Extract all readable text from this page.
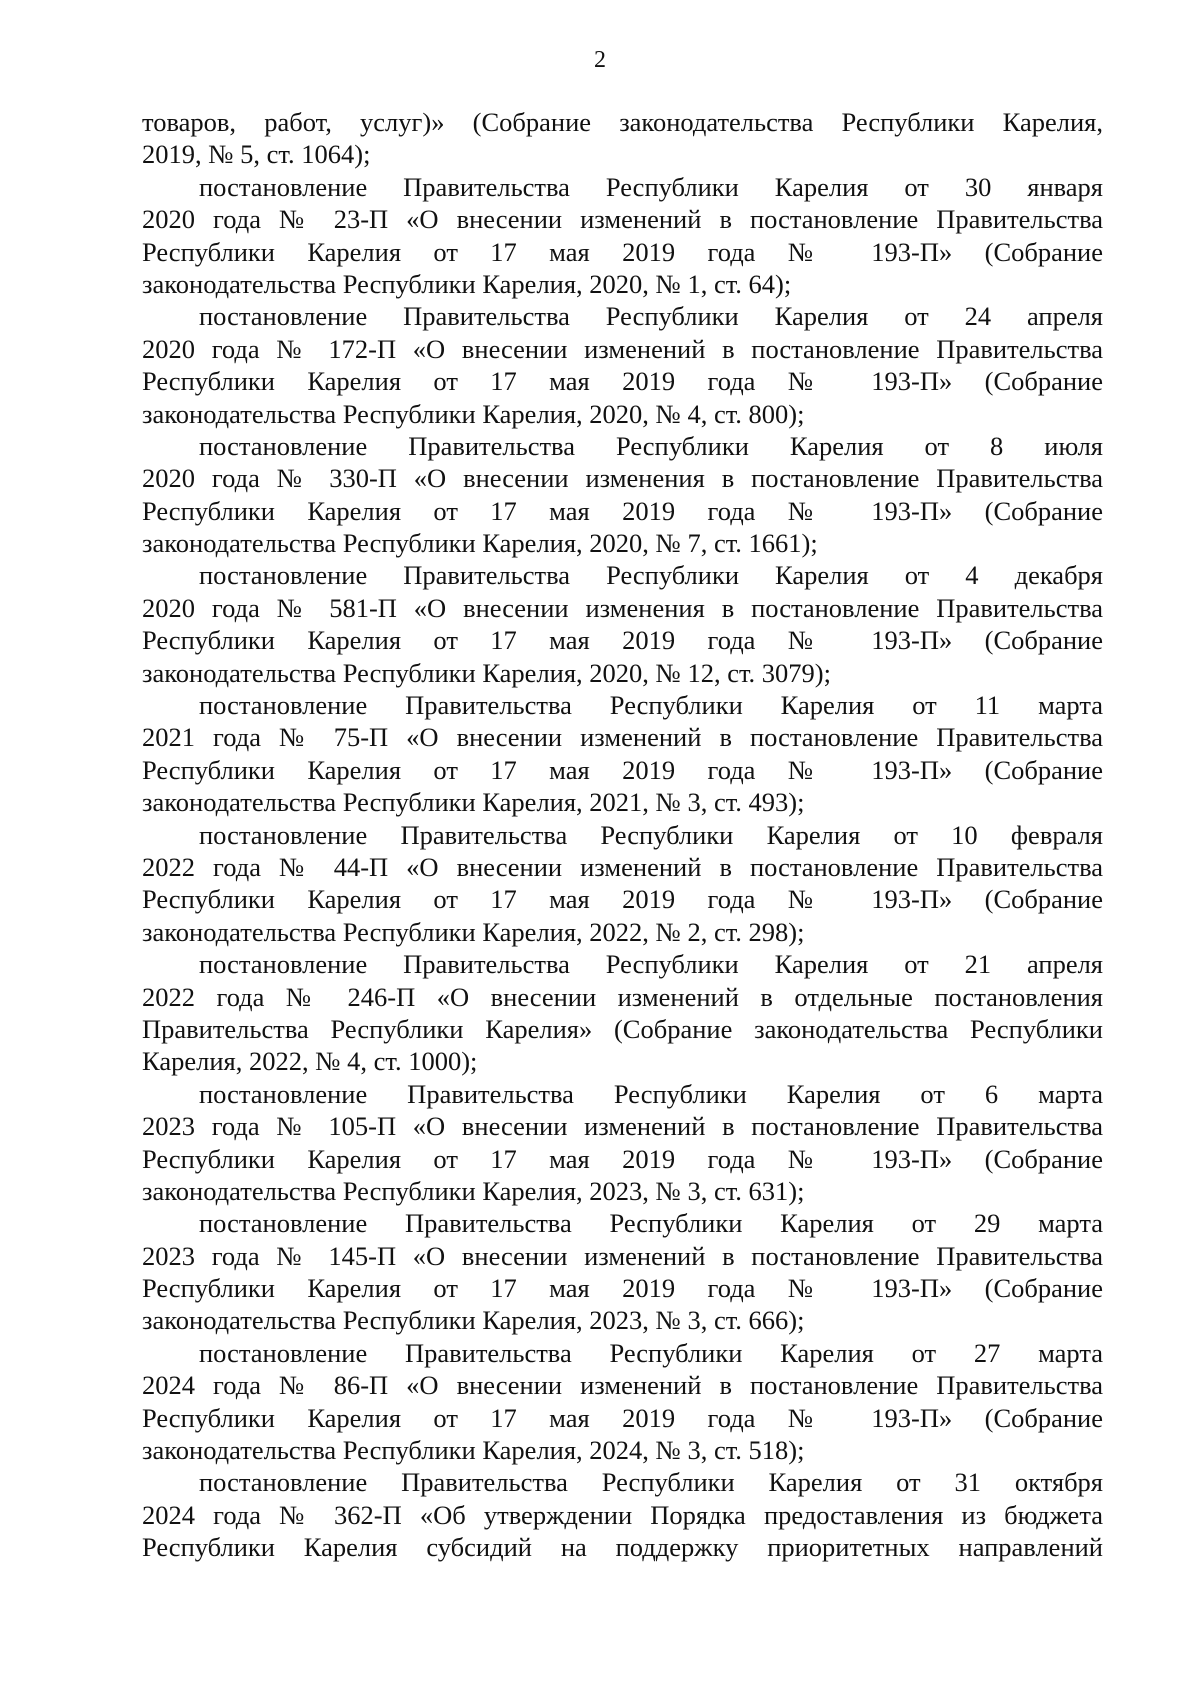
2
товаров, работ, услуг)» (Собрание законодательства Республики Карелия,
2019, № 5, ст. 1064);
постановление Правительства Республики Карелия от 30 января
2020 года № 23-П «О внесении изменений в постановление Правительства
Республики Карелия от 17 мая 2019 года № 193-П» (Собрание
законодательства Республики Карелия, 2020, № 1, ст. 64);
постановление Правительства Республики Карелия от 24 апреля
2020 года № 172-П «О внесении изменений в постановление Правительства
Республики Карелия от 17 мая 2019 года № 193-П» (Собрание
законодательства Республики Карелия, 2020, № 4, ст. 800);
постановление Правительства Республики Карелия от 8 июля
2020 года № 330-П «О внесении изменения в постановление Правительства
Республики Карелия от 17 мая 2019 года № 193-П» (Собрание
законодательства Республики Карелия, 2020, № 7, ст. 1661);
постановление Правительства Республики Карелия от 4 декабря
2020 года № 581-П «О внесении изменения в постановление Правительства
Республики Карелия от 17 мая 2019 года № 193-П» (Собрание
законодательства Республики Карелия, 2020, № 12, ст. 3079);
постановление Правительства Республики Карелия от 11 марта
2021 года № 75-П «О внесении изменений в постановление Правительства
Республики Карелия от 17 мая 2019 года № 193-П» (Собрание
законодательства Республики Карелия, 2021, № 3, ст. 493);
постановление Правительства Республики Карелия от 10 февраля
2022 года № 44-П «О внесении изменений в постановление Правительства
Республики Карелия от 17 мая 2019 года № 193-П» (Собрание
законодательства Республики Карелия, 2022, № 2, ст. 298);
постановление Правительства Республики Карелия от 21 апреля
2022 года № 246-П «О внесении изменений в отдельные постановления
Правительства Республики Карелия» (Собрание законодательства Республики
Карелия, 2022, № 4, ст. 1000);
постановление Правительства Республики Карелия от 6 марта
2023 года № 105-П «О внесении изменений в постановление Правительства
Республики Карелия от 17 мая 2019 года № 193-П» (Собрание
законодательства Республики Карелия, 2023, № 3, ст. 631);
постановление Правительства Республики Карелия от 29 марта
2023 года № 145-П «О внесении изменений в постановление Правительства
Республики Карелия от 17 мая 2019 года № 193-П» (Собрание
законодательства Республики Карелия, 2023, № 3, ст. 666);
постановление Правительства Республики Карелия от 27 марта
2024 года № 86-П «О внесении изменений в постановление Правительства
Республики Карелия от 17 мая 2019 года № 193-П» (Собрание
законодательства Республики Карелия, 2024, № 3, ст. 518);
постановление Правительства Республики Карелия от 31 октября
2024 года № 362-П «Об утверждении Порядка предоставления из бюджета
Республики Карелия субсидий на поддержку приоритетных направлений
